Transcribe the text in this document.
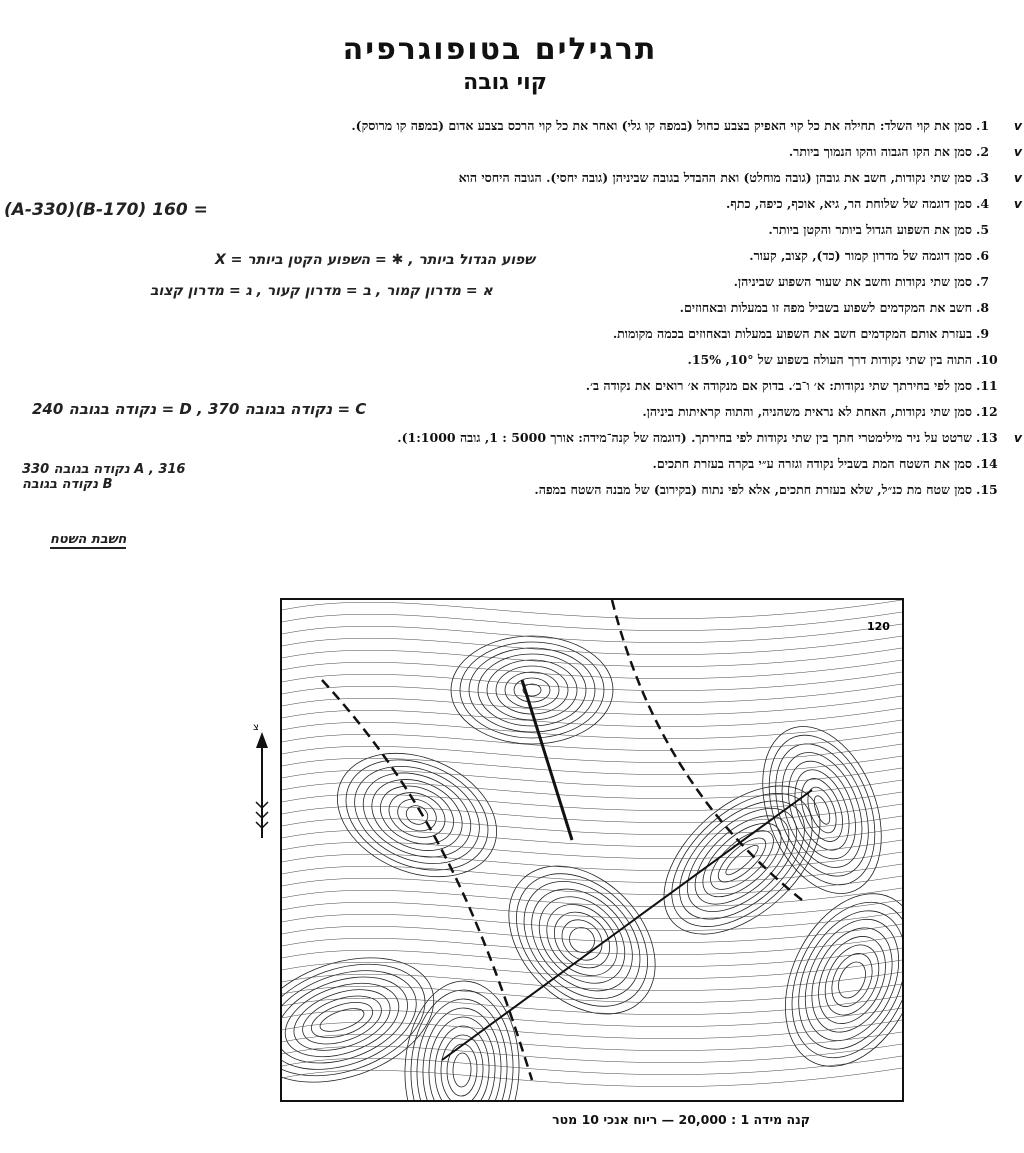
תרגילים בטופוגרפיה
קוי גובה
v
1.
סמן את קוי השלד: תחילה את כל קוי האפיק בצבע כחול (במפה קו גלי) ואחר את כל קוי הרכס בצבע אדום (במפה קו מרוסק).
v
2.
סמן את הקו הגבוה והקו הנמוך ביותר.
v
3.
סמן שתי נקודות, חשב את גובהן (גובה מוחלט) ואת ההבדל בגובה שביניהן (גובה יחסי). הגובה היחסי הוא
v
4.
סמן דוגמה של שלוחת הר, גיא, אוכף, כיפה, כתף.
5.
סמן את השפוע הגדול ביותר והקטן ביותר.
6.
סמן דוגמה של מדרון קמור (כד), קצוב, קעור.
7.
סמן שתי נקודות וחשב את שעור השפוע שביניהן.
8.
חשב את המקדמים לשפוע בשביל מפה זו במעלות ובאחוזים.
9.
בעזרת אותם המקדמים חשב את השפוע במעלות ובאחוזים בכמה מקומות.
10.
התוה בין שתי נקודות דרך העולה בשפוע של 10°, 15%.
11.
סמן לפי בחירתך שתי נקודות: א׳ ו־ב׳. בדוק אם מנקודה א׳ רואים את נקודה ב׳.
12.
סמן שתי נקודות, האחת לא נראית משהניה, והתוה קראיתות ביניהן.
v
13.
שרטט על ניר מילימטרי חתך בין שתי נקודות לפי בחירתך. (דוגמה של קנה־מידה: אורך 5000 : 1, גובה 1:1000).
14.
סמן את השטח המת בשביל נקודה וגזרה ע״י בקרה בעזרת חתכים.
15.
סמן שטח מת כנ״ל, שלא בעזרת חתכים, אלא לפי נתוח (בקירוב) של מבנה השטח במפה.
(A-330)(B-170) 160 =
X = שפוע הגדול ביותר , ✱ = השפוע הקטן ביותר
א = מדרון קמור , ב = מדרון קעור , ג = מדרון קצוב
240 נקודה בגובה = D , 370 נקודה בגובה = C
330 נקודה בגובה A , 316 נקודה בגובה B
חשבת השטח
צ
120
קנה מידה 1 : 20,000 — ריוח אנכי 10 מטר
